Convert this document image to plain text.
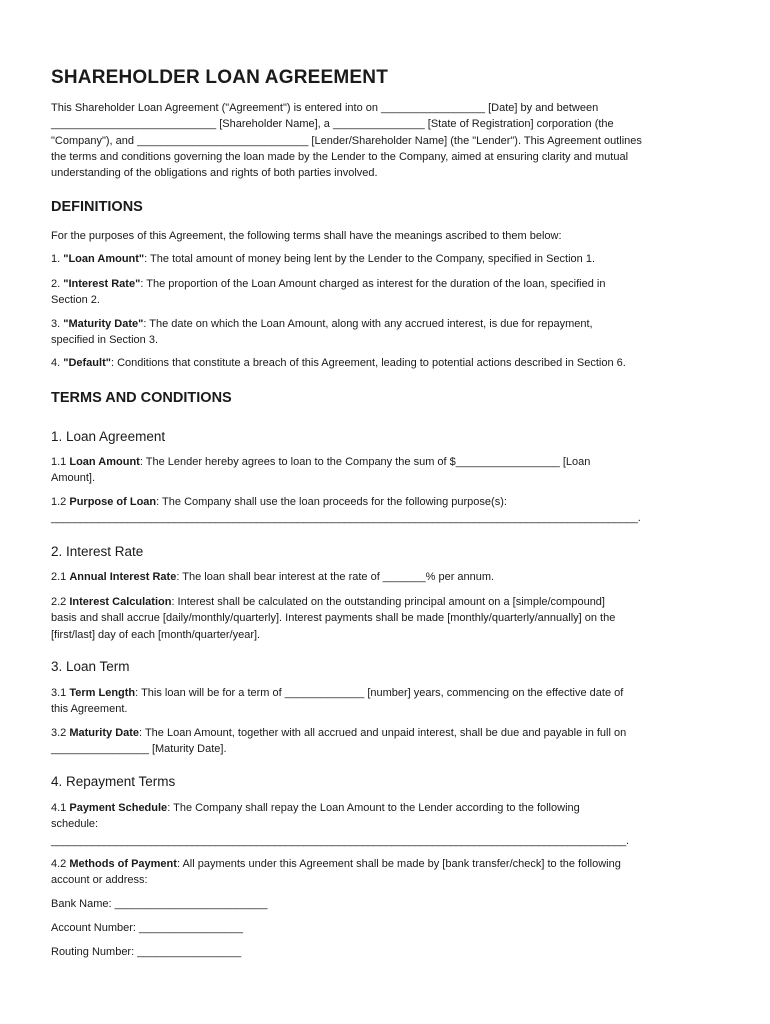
SHAREHOLDER LOAN AGREEMENT
This Shareholder Loan Agreement ("Agreement") is entered into on _________________ [Date] by and between
___________________________ [Shareholder Name], a _______________ [State of Registration] corporation (the
"Company"), and ____________________________ [Lender/Shareholder Name] (the "Lender"). This Agreement outlines
the terms and conditions governing the loan made by the Lender to the Company, aimed at ensuring clarity and mutual
understanding of the obligations and rights of both parties involved.
DEFINITIONS
For the purposes of this Agreement, the following terms shall have the meanings ascribed to them below:
1. "Loan Amount": The total amount of money being lent by the Lender to the Company, specified in Section 1.
2. "Interest Rate": The proportion of the Loan Amount charged as interest for the duration of the loan, specified in
Section 2.
3. "Maturity Date": The date on which the Loan Amount, along with any accrued interest, is due for repayment,
specified in Section 3.
4. "Default": Conditions that constitute a breach of this Agreement, leading to potential actions described in Section 6.
TERMS AND CONDITIONS
1. Loan Agreement
1.1 Loan Amount: The Lender hereby agrees to loan to the Company the sum of $_________________ [Loan
Amount].
1.2 Purpose of Loan: The Company shall use the loan proceeds for the following purpose(s):
____________________________________________________________________________________________________.
2. Interest Rate
2.1 Annual Interest Rate: The loan shall bear interest at the rate of _______% per annum.
2.2 Interest Calculation: Interest shall be calculated on the outstanding principal amount on a [simple/compound]
basis and shall accrue [daily/monthly/quarterly]. Interest payments shall be made [monthly/quarterly/annually] on the
[first/last] day of each [month/quarter/year].
3. Loan Term
3.1 Term Length: This loan will be for a term of _____________ [number] years, commencing on the effective date of
this Agreement.
3.2 Maturity Date: The Loan Amount, together with all accrued and unpaid interest, shall be due and payable in full on
________________ [Maturity Date].
4. Repayment Terms
4.1 Payment Schedule: The Company shall repay the Loan Amount to the Lender according to the following
schedule:
__________________________________________________________________________________________________.
4.2 Methods of Payment: All payments under this Agreement shall be made by [bank transfer/check] to the following
account or address:
Bank Name: _________________________
Account Number: _________________
Routing Number: _________________
